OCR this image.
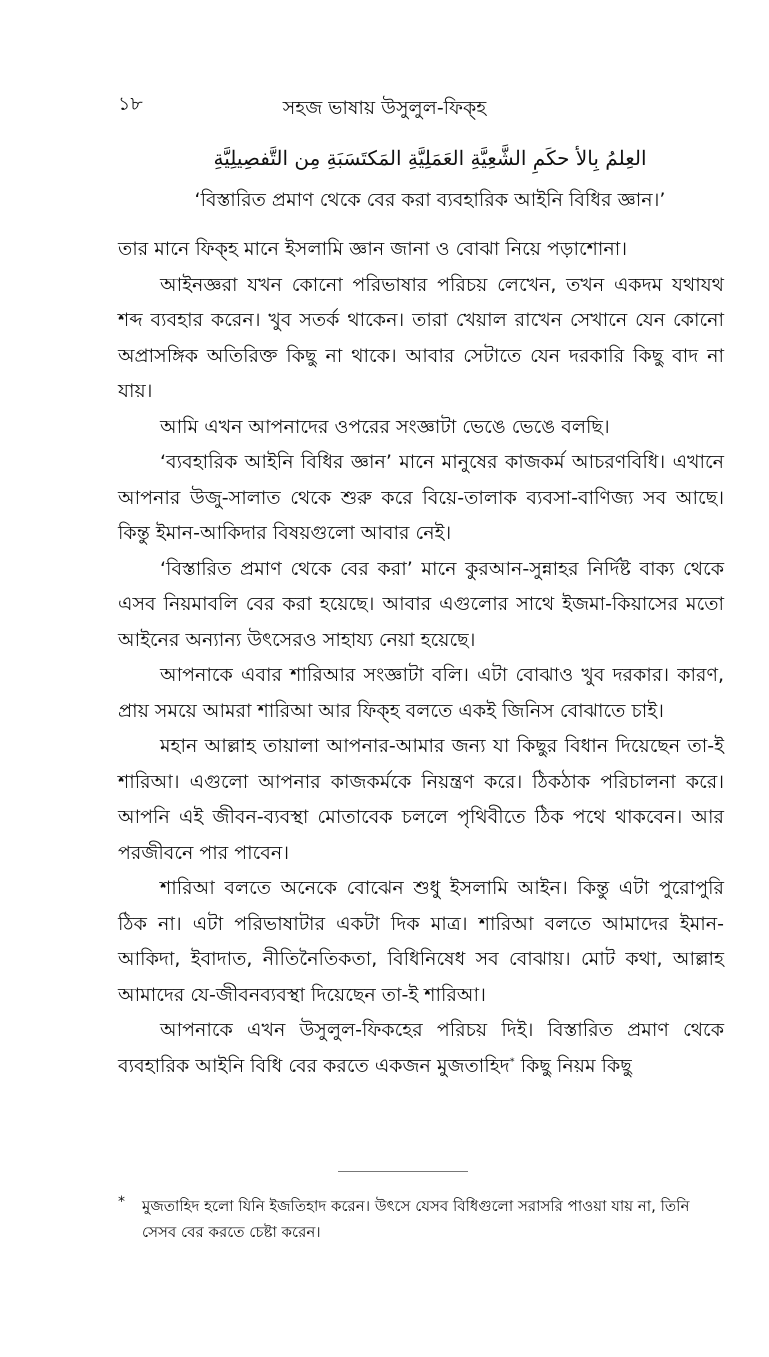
১৮	সহজ ভাষায় উসুলুল-ফিক্‌হ
العِلمُ بِالأ حكَمِ الشَّعِيَّةِ العَمَلِيَّةِ المَكتَسَبَةِ مِن التَّفصِيلِيَّةِ
‘বিস্তারিত প্রমাণ থেকে বের করা ব্যবহারিক আইনি বিধির জ্ঞান।’

তার মানে ফিক্‌হ মানে ইসলামি জ্ঞান জানা ও বোঝা নিয়ে পড়াশোনা।

আইনজ্ঞরা যখন কোনো পরিভাষার পরিচয় লেখেন, তখন একদম যথাযথ শব্দ ব্যবহার করেন। খুব সতর্ক থাকেন। তারা খেয়াল রাখেন সেখানে যেন কোনো অপ্রাসঙ্গিক অতিরিক্ত কিছু না থাকে। আবার সেটাতে যেন দরকারি কিছু বাদ না যায়।

আমি এখন আপনাদের ওপরের সংজ্ঞাটা ভেঙে ভেঙে বলছি।

‘ব্যবহারিক আইনি বিধির জ্ঞান’ মানে মানুষের কাজকর্ম আচরণবিধি। এখানে আপনার উজু-সালাত থেকে শুরু করে বিয়ে-তালাক ব্যবসা-বাণিজ্য সব আছে। কিন্তু ইমান-আকিদার বিষয়গুলো আবার নেই।

‘বিস্তারিত প্রমাণ থেকে বের করা’ মানে কুরআন-সুন্নাহর নির্দিষ্ট বাক্য থেকে এসব নিয়মাবলি বের করা হয়েছে। আবার এগুলোর সাথে ইজমা-কিয়াসের মতো আইনের অন্যান্য উৎসেরও সাহায্য নেয়া হয়েছে।

আপনাকে এবার শারিআর সংজ্ঞাটা বলি। এটা বোঝাও খুব দরকার। কারণ, প্রায় সময়ে আমরা শারিআ আর ফিক্‌হ বলতে একই জিনিস বোঝাতে চাই।

মহান আল্লাহ তায়ালা আপনার-আমার জন্য যা কিছুর বিধান দিয়েছেন তা-ই শারিআ। এগুলো আপনার কাজকর্মকে নিয়ন্ত্রণ করে। ঠিকঠাক পরিচালনা করে। আপনি এই জীবন-ব্যবস্থা মোতাবেক চললে পৃথিবীতে ঠিক পথে থাকবেন। আর পরজীবনে পার পাবেন।

শারিআ বলতে অনেকে বোঝেন শুধু ইসলামি আইন। কিন্তু এটা পুরোপুরি ঠিক না। এটা পরিভাষাটার একটা দিক মাত্র। শারিআ বলতে আমাদের ইমান-আকিদা, ইবাদাত, নীতিনৈতিকতা, বিধিনিষেধ সব বোঝায়। মোট কথা, আল্লাহ আমাদের যে-জীবনব্যবস্থা দিয়েছেন তা-ই শারিআ।

আপনাকে এখন উসুলুল-ফিকহের পরিচয় দিই। বিস্তারিত প্রমাণ থেকে ব্যবহারিক আইনি বিধি বের করতে একজন মুজতাহিদ* কিছু নিয়ম কিছু

* মুজতাহিদ হলো যিনি ইজতিহাদ করেন। উৎসে যেসব বিধিগুলো সরাসরি পাওয়া যায় না, তিনি সেসব বের করতে চেষ্টা করেন।
